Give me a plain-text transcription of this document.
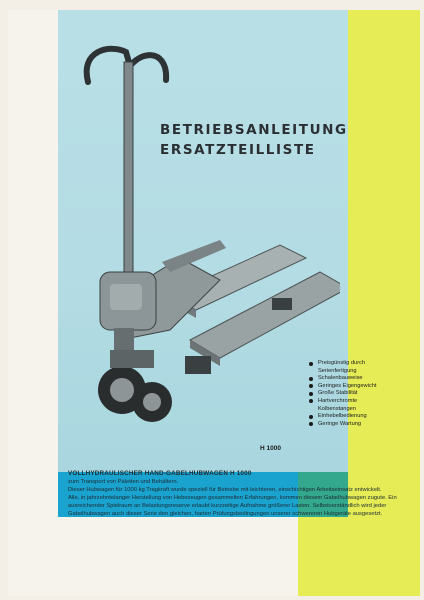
BETRIEBSANLEITUNG
ERSATZTEILLISTE
H 1000
Preisgünstig durch
Serienfertigung
Schalenbauweise
Geringes Eigengewicht
Große Stabilität
Hartverchromte
Kolbenstangen
Einhebelbedienung
Geringe Wartung

VOLLHYDRAULISCHER HAND-GABELHUBWAGEN H 1000

zum Transport von Paletten und Behältern.

Dieser Hubwagen für 1000 kg Tragkraft wurde speziell für Betriebe mit leichteren, einschichtigen Arbeitseinsatz entwickelt.

Alle, in jahrzehntelanger Herstellung von Hebezeugen gesammelten Erfahrungen, kommen diesem Gabelhubwagen zugute. Ein ausreichender Spielraum an Belastungsreserve erlaubt kurzzeitige Aufnahme größerer Lasten. Selbstverständlich wird jeder Gabelhubwagen auch dieser Serie den gleichen, harten Prüfungsbedingungen unserer schwereren Hubgeräte ausgesetzt.
